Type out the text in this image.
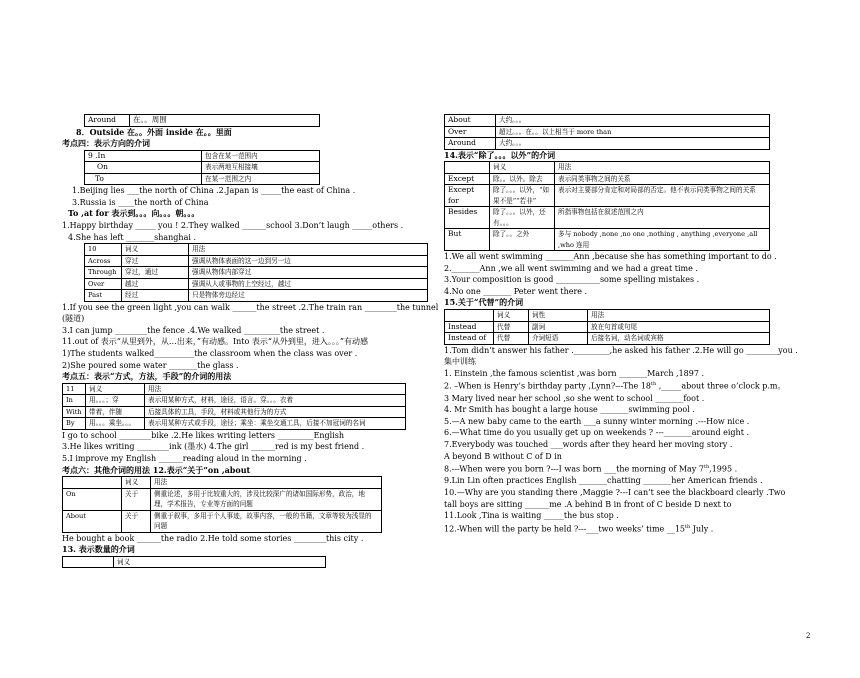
Around	在。。周围
8．Outside 在。。外面 inside 在。。里面
考点四：表示方向的介词
9 .In	包含在某一范围内
On	表示两地互相接壤
To	在某一范围之内
1.Beijing lies ___the north of China .2.Japan is _____the east of China .
3.Russia is ____the north of China
To ,at for 表示到。。。向。。。朝。。。
1.Happy birthday _____ you ! 2.They walked ______school 3.Don’t laugh _____others .
4.She has left _______shanghai .
10	词义	用法
Across	穿过	强调从物体表面的这一边到另一边
Through	穿过，通过	强调从物体内部穿过
Over	越过	强调从人或事物的上空经过，越过
Past	经过	只是物体旁边经过
1.If you see the green light ,you can walk ______the street .2.The train ran ________the tunnel
(隧道)
3.I can jump ________the fence .4.We walked _________the street .
11.out of 表示“从里到外，从…出来，”有动感。Into 表示“从外到里，进入。。。”有动感
1)The students walked__________the classroom when the class was over .
2)She poured some water _______the glass .
考点五：表示“方式，方法，手段”的介词的用法
11	词义	用法
In	用。。。；穿	表示用某种方式，材料，途径，语言。穿。。。衣着
With	带着，伴随	后接具体的工具，手段，材料或其他行为的方式
By	用。。。乘坐。。。	表示用某种方式或手段，途径；乘坐：乘坐交通工具，后接不加冠词的名词
I go to school ________bike .2.He likes writing letters _________English
3.He likes writing ________ink (墨水) 4.The girl ______red is my best friend .
5.I improve my English ______reading aloud in the morning .
考点六：其他介词的用法 12.表示“关于”on ,about
	词义	用法
On	关于	侧重论述，多用于比较重大的，涉及比较深广的诸如国际形势，政治，地理，学术报告，专业等方面的问题
About	关于	侧重于叙事，多用于个人事迹，故事内容，一般的书籍，文章等较为浅显的问题
He bought a book ______the radio 2.He told some stories ________this city .
13. 表示数量的介词
	词义
About	大约。。。
Over	超过。。。在。。以上相当于 more than
Around	大约。。。
14.表示“除了。。。以外”的介词
	词义	用法
Except	除。。以外。除去	表示同类事物之间的关系
Except for	除了。。。以外，“如果不是”“若非”	表示对主要部分肯定和对局部的否定。他不表示同类事物之间的关系
Besides	除了。。。以外，还有。。。	所指事物包括在叙述范围之内
But	除了。。之外	多与 nobody ,none ,no one ,nothing , anything ,everyone ,all ,who 连用
1.We all went swimming _______Ann ,because she has something important to do .
2._______Ann ,we all went swimming and we had a great time .
3.Your composition is good ___________some spelling mistakes .
4.No one _______ Peter went there .
15.关于“代替”的介词
	词义	词性	用法
Instead	代替	副词	放在句首或句尾
Instead of	代替	介词短语	后接名词，动名词或宾格
1.Tom didn’t answer his father ._________,he asked his father .2.He will go ________you .
集中训练
1. Einstein ,the famous scientist ,was born _______March ,1897 .
2. –When is Henry’s birthday party ,Lynn?---The 18th ,_____about three o’clock p.m。
3 Mary lived near her school ,so she went to school _______foot .
4. Mr Smith has bought a large house _______swimming pool .
5.—A new baby came to the earth ___a sunny winter morning .---How nice .
6.—What time do you usually get up on weekends ? ---_______around eight .
7.Everybody was touched ___words after they heard her moving story .
A beyond B without C of D in
8.---When were you born ?---I was born ___the morning of May 7th,1995 .
9.Lin Lin often practices English _______chatting _______her American friends .
10.—Why are you standing there ,Maggie ?---I can’t see the blackboard clearly .Two tall boys are sitting ______me .A behind B in front of C beside D next to
11.Look ,Tina is waiting _____the bus stop .
12.-When will the party be held ?---___two weeks’ time __15th July .
2
